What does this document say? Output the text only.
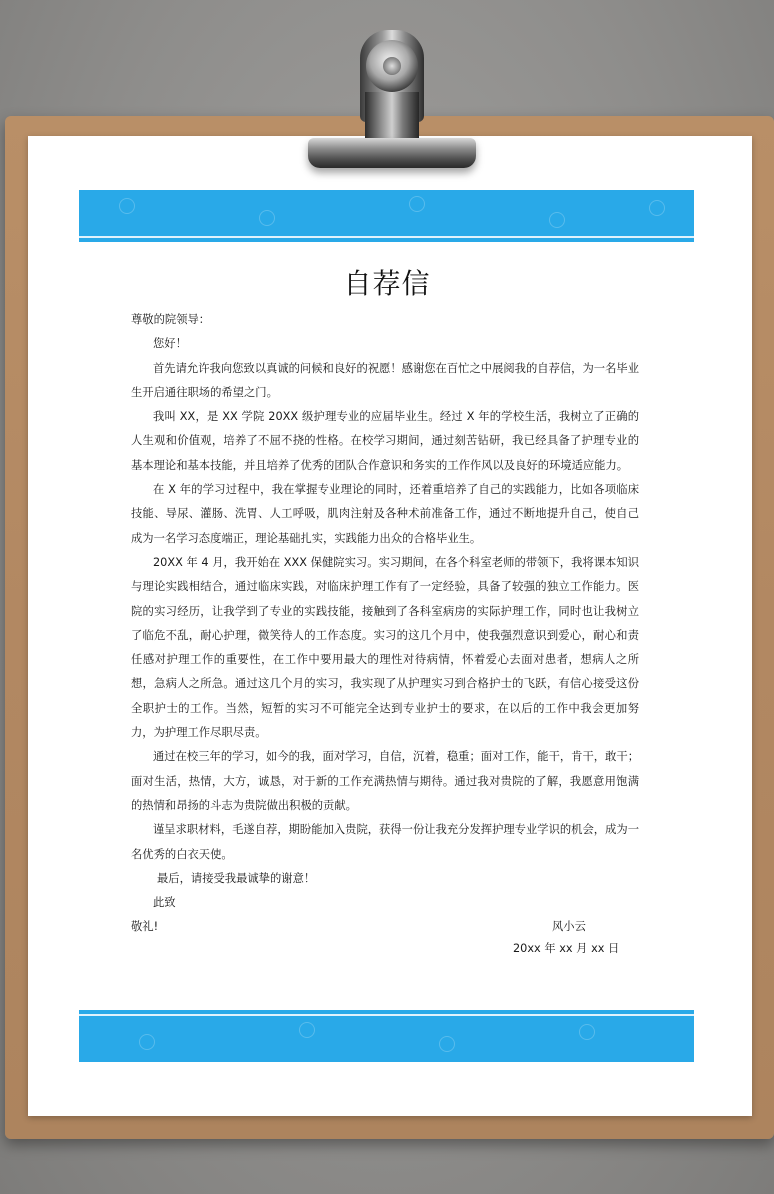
自荐信
尊敬的院领导：
您好！
首先请允许我向您致以真诚的问候和良好的祝愿！感谢您在百忙之中展阅我的自荐信，为一名毕业生开启通往职场的希望之门。
我叫 XX，是 XX 学院 20XX 级护理专业的应届毕业生。经过 X 年的学校生活，我树立了正确的人生观和价值观，培养了不屈不挠的性格。在校学习期间，通过刻苦钻研，我已经具备了护理专业的基本理论和基本技能，并且培养了优秀的团队合作意识和务实的工作作风以及良好的环境适应能力。
在 X 年的学习过程中，我在掌握专业理论的同时，还着重培养了自己的实践能力，比如各项临床技能、导尿、灌肠、洗胃、人工呼吸，肌肉注射及各种术前准备工作，通过不断地提升自己，使自己成为一名学习态度端正，理论基础扎实，实践能力出众的合格毕业生。
20XX 年 4 月，我开始在 XXX 保健院实习。实习期间，在各个科室老师的带领下，我将课本知识与理论实践相结合，通过临床实践，对临床护理工作有了一定经验，具备了较强的独立工作能力。医院的实习经历，让我学到了专业的实践技能，接触到了各科室病房的实际护理工作，同时也让我树立了临危不乱，耐心护理，微笑待人的工作态度。实习的这几个月中，使我强烈意识到爱心，耐心和责任感对护理工作的重要性，在工作中要用最大的理性对待病情，怀着爱心去面对患者，想病人之所想，急病人之所急。通过这几个月的实习，我实现了从护理实习到合格护士的飞跃，有信心接受这份全职护士的工作。当然，短暂的实习不可能完全达到专业护士的要求，在以后的工作中我会更加努力，为护理工作尽职尽责。
通过在校三年的学习，如今的我，面对学习，自信，沉着，稳重；面对工作，能干，肯干，敢干；面对生活，热情，大方，诚恳，对于新的工作充满热情与期待。通过我对贵院的了解，我愿意用饱满的热情和昂扬的斗志为贵院做出积极的贡献。
谨呈求职材料，毛遂自荐，期盼能加入贵院，获得一份让我充分发挥护理专业学识的机会，成为一名优秀的白衣天使。
最后，请接受我最诚挚的谢意！
此致
敬礼!	风小云
20xx 年 xx 月 xx 日
